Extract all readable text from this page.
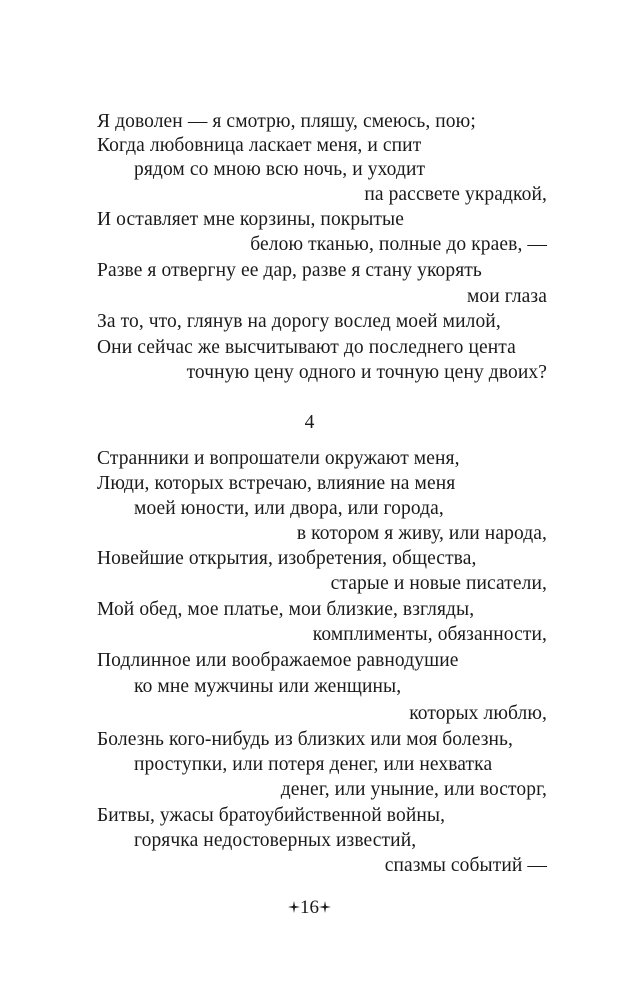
Я доволен — я смотрю, пляшу, смеюсь, пою;
Когда любовница ласкает меня, и спит
рядом со мною всю ночь, и уходит
па рассвете украдкой,
И оставляет мне корзины, покрытые
белою тканью, полные до краев, —
Разве я отвергну ее дар, разве я стану укорять
мои глаза
За то, что, глянув на дорогу вослед моей милой,
Они сейчас же высчитывают до последнего цента
точную цену одного и точную цену двоих?
4
Странники и вопрошатели окружают меня,
Люди, которых встречаю, влияние на меня
моей юности, или двора, или города,
в котором я живу, или народа,
Новейшие открытия, изобретения, общества,
старые и новые писатели,
Мой обед, мое платье, мои близкие, взгляды,
комплименты, обязанности,
Подлинное или воображаемое равнодушие
ко мне мужчины или женщины,
которых люблю,
Болезнь кого-нибудь из близких или моя болезнь,
проступки, или потеря денег, или нехватка
денег, или уныние, или восторг,
Битвы, ужасы братоубийственной войны,
горячка недостоверных известий,
спазмы событий —
16
